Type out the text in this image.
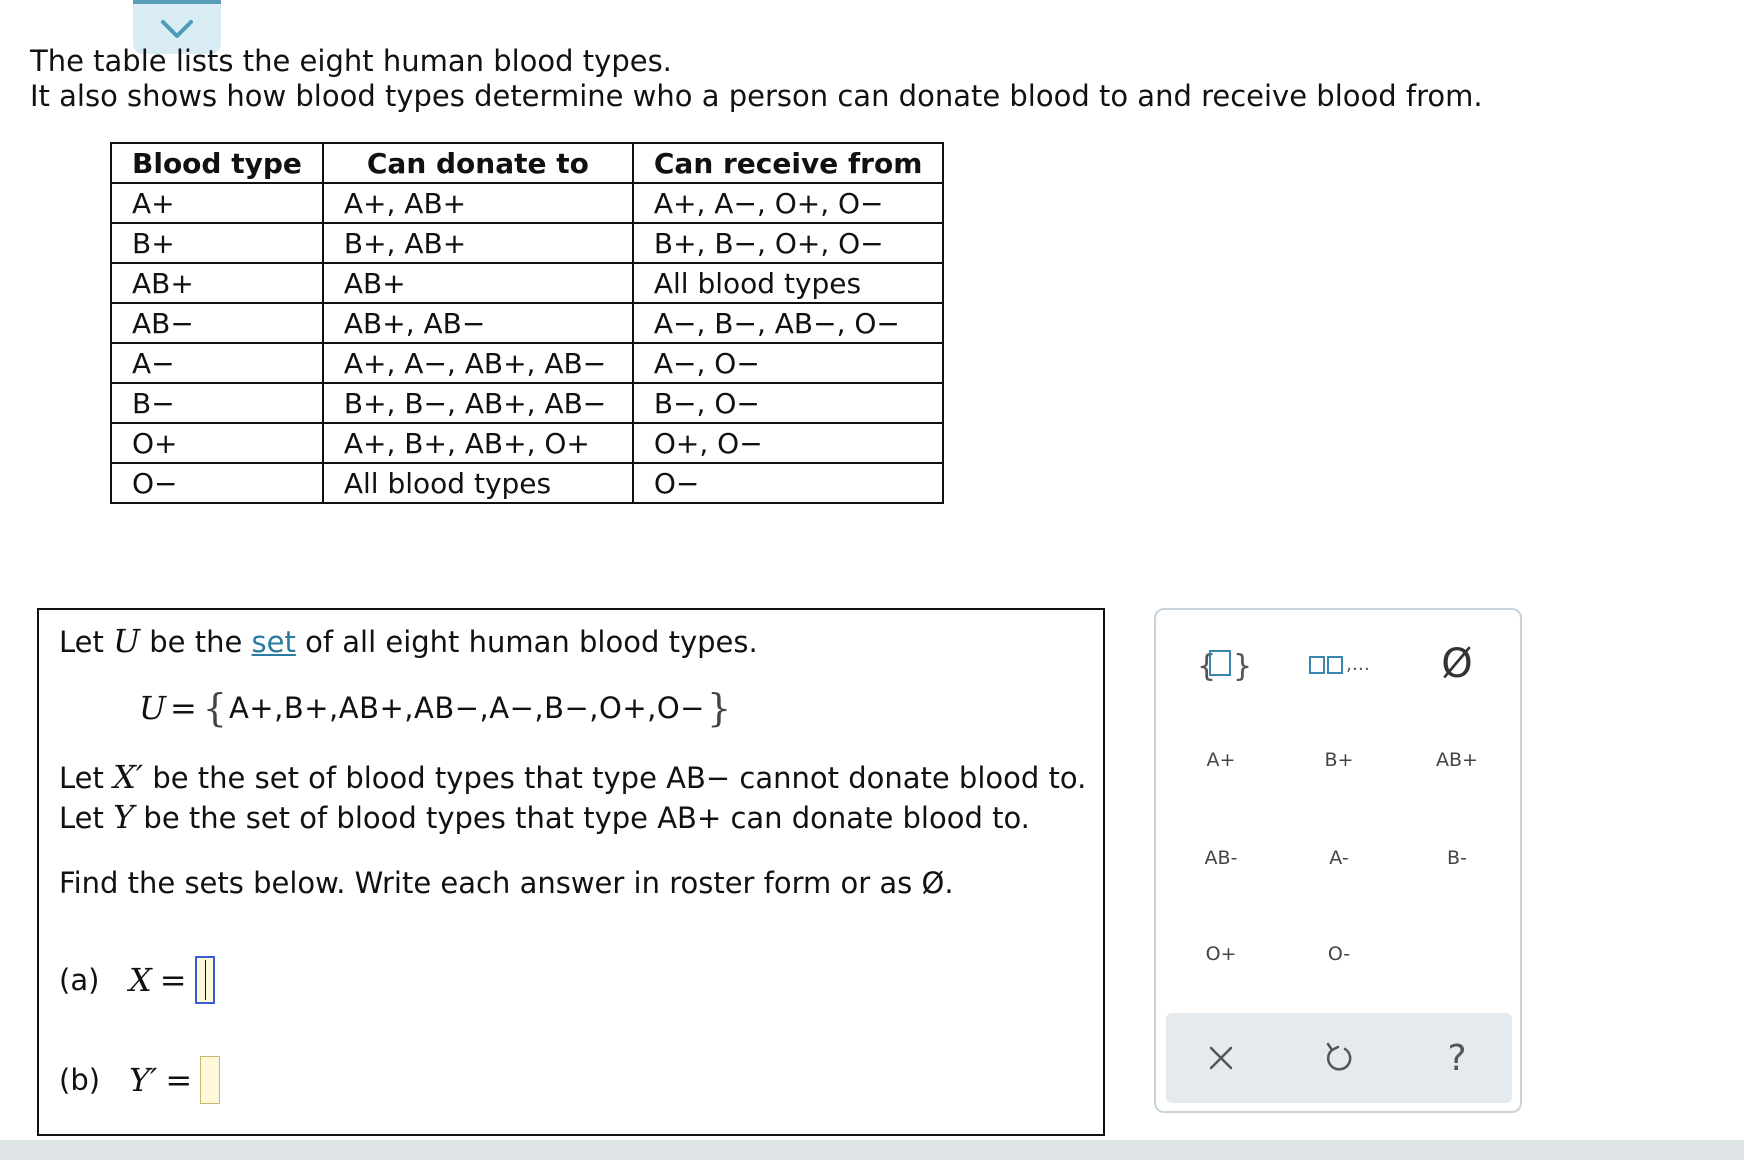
The table lists the eight human blood types.
It also shows how blood types determine who a person can donate blood to and receive blood from.
Blood type	Can donate to	Can receive from
A+	A+, AB+	A+, A−, O+, O−
B+	B+, AB+	B+, B−, O+, O−
AB+	AB+	All blood types
AB−	AB+, AB−	A−, B−, AB−, O−
A−	A+, A−, AB+, AB−	A−, O−
B−	B+, B−, AB+, AB−	B−, O−
O+	A+, B+, AB+, O+	O+, O−
O−	All blood types	O−
Let U be the set of all eight human blood types.
U = { A+,B+,AB+,AB−,A−,B−,O+,O− }
Let X′ be the set of blood types that type AB− cannot donate blood to.
Let Y be the set of blood types that type AB+ can donate blood to.
Find the sets below. Write each answer in roster form or as Ø.
(a) X =
(b) Y′ =
{ }	,…	Ø
A+	B+	AB+
AB-	A-	B-
O+	O-
?
